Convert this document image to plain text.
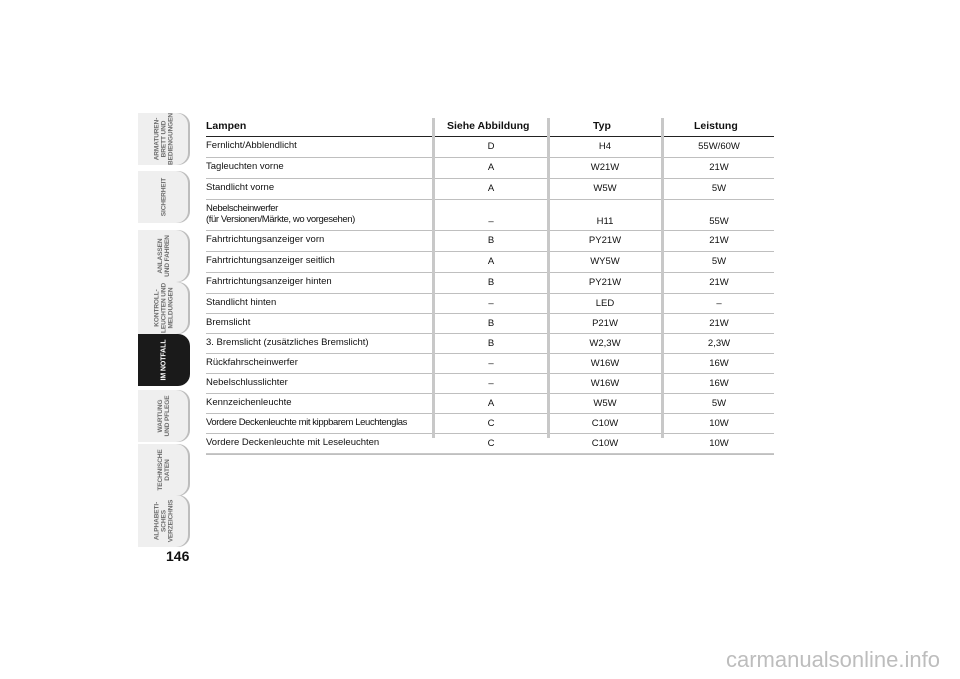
ARMATUREN-
BRETT UND
BEDIENGUNGEN
SICHERHEIT
ANLASSEN
UND FAHREN
KONTROLL-
LEUCHTEN UND
MELDUNGEN
IM NOTFALL
WARTUNG
UND PFLEGE
TECHNISCHE
DATEN
ALPHABETI-
SCHES
VERZEICHNIS
146
Lampen	Siehe Abbildung	Typ	Leistung
Fernlicht/Abblendlicht	D	H4	55W/60W
Tagleuchten vorne	A	W21W	21W
Standlicht vorne	A	W5W	5W
Nebelscheinwerfer
(für Versionen/Märkte, wo vorgesehen)	–	H11	55W
Fahrtrichtungsanzeiger vorn	B	PY21W	21W
Fahrtrichtungsanzeiger seitlich	A	WY5W	5W
Fahrtrichtungsanzeiger hinten	B	PY21W	21W
Standlicht hinten	–	LED	–
Bremslicht	B	P21W	21W
3. Bremslicht (zusätzliches Bremslicht)	B	W2,3W	2,3W
Rückfahrscheinwerfer	–	W16W	16W
Nebelschlusslichter	–	W16W	16W
Kennzeichenleuchte	A	W5W	5W
Vordere Deckenleuchte mit kippbarem Leuchtenglas	C	C10W	10W
Vordere Deckenleuchte mit Leseleuchten	C	C10W	10W
carmanualsonline.info
